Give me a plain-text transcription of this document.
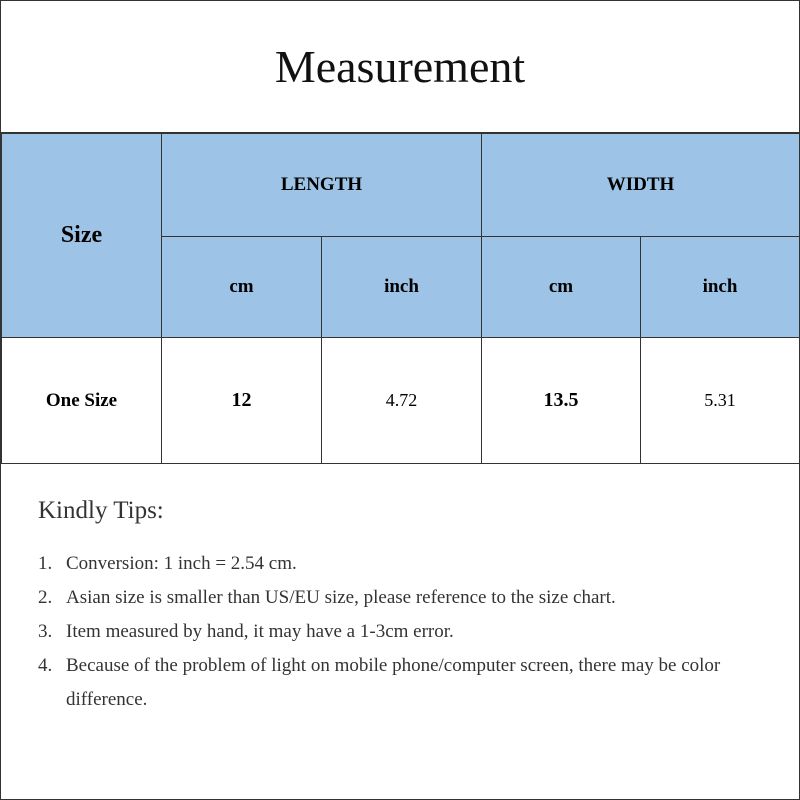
Measurement
Size	LENGTH		WIDTH	
	cm	inch	cm	inch
One Size	12	4.72	13.5	5.31
Kindly Tips:
1. Conversion: 1 inch = 2.54 cm.
2. Asian size is smaller than US/EU size, please reference to the size chart.
3. Item measured by hand, it may have a 1-3cm error.
4. Because of the problem of light on mobile phone/computer screen, there may be color difference.
